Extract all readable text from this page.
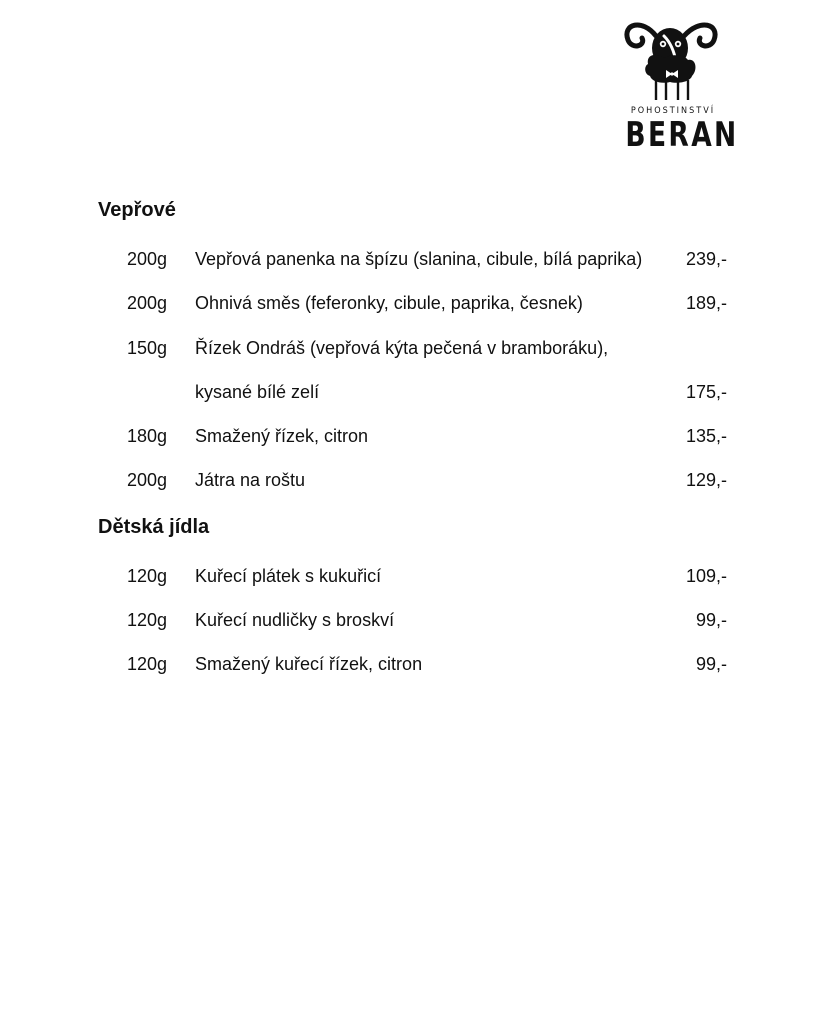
POHOSTINSTVÍ
BERAN
Vepřové
200g Vepřová panenka na špízu (slanina, cibule, bílá paprika) 239,-
200g Ohnivá směs (feferonky, cibule, paprika, česnek)	189,-
150g Řízek Ondráš (vepřová kýta pečená v bramboráku),
kysané bílé zelí	175,-
180g Smažený řízek, citron	135,-
200g Játra na roštu	129,-
Dětská jídla
120g Kuřecí plátek s kukuřicí	109,-
120g Kuřecí nudličky s broskví	99,-
120g Smažený kuřecí řízek, citron	99,-
